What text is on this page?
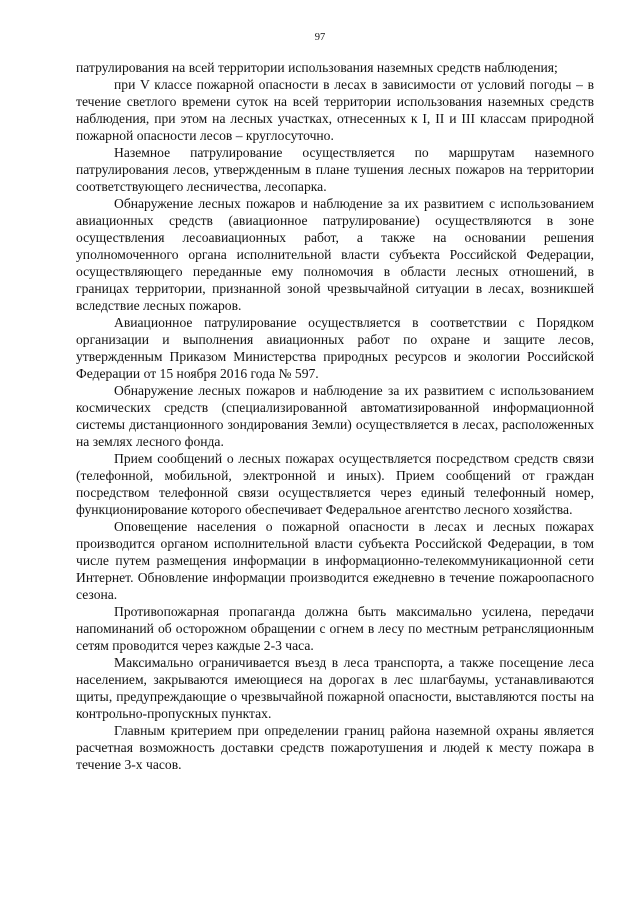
97

патрулирования на всей территории использования наземных средств наблюдения;

при V классе пожарной опасности в лесах в зависимости от условий погоды – в течение светлого времени суток на всей территории использования наземных средств наблюдения, при этом на лесных участках, отнесенных к I, II и III классам природной пожарной опасности лесов – круглосуточно.

Наземное патрулирование осуществляется по маршрутам наземного патрулирования лесов, утвержденным в плане тушения лесных пожаров на территории соответствующего лесничества, лесопарка.

Обнаружение лесных пожаров и наблюдение за их развитием с использованием авиационных средств (авиационное патрулирование) осуществляются в зоне осуществления лесоавиационных работ, а также на основании решения уполномоченного органа исполнительной власти субъекта Российской Федерации, осуществляющего переданные ему полномочия в области лесных отношений, в границах территории, признанной зоной чрезвычайной ситуации в лесах, возникшей вследствие лесных пожаров.

Авиационное патрулирование осуществляется в соответствии с Порядком организации и выполнения авиационных работ по охране и защите лесов, утвержденным Приказом Министерства природных ресурсов и экологии Российской Федерации от 15 ноября 2016 года № 597.

Обнаружение лесных пожаров и наблюдение за их развитием с использованием космических средств (специализированной автоматизированной информационной системы дистанционного зондирования Земли) осуществляется в лесах, расположенных на землях лесного фонда.

Прием сообщений о лесных пожарах осуществляется посредством средств связи (телефонной, мобильной, электронной и иных). Прием сообщений от граждан посредством телефонной связи осуществляется через единый телефонный номер, функционирование которого обеспечивает Федеральное агентство лесного хозяйства.

Оповещение населения о пожарной опасности в лесах и лесных пожарах производится органом исполнительной власти субъекта Российской Федерации, в том числе путем размещения информации в информационно-телекоммуникационной сети Интернет. Обновление информации производится ежедневно в течение пожароопасного сезона.

Противопожарная пропаганда должна быть максимально усилена, передачи напоминаний об осторожном обращении с огнем в лесу по местным ретрансляционным сетям проводится через каждые 2-3 часа.

Максимально ограничивается въезд в леса транспорта, а также посещение леса населением, закрываются имеющиеся на дорогах в лес шлагбаумы, устанавливаются щиты, предупреждающие о чрезвычайной пожарной опасности, выставляются посты на контрольно-пропускных пунктах.

Главным критерием при определении границ района наземной охраны является расчетная возможность доставки средств пожаротушения и людей к месту пожара в течение 3-х часов.
